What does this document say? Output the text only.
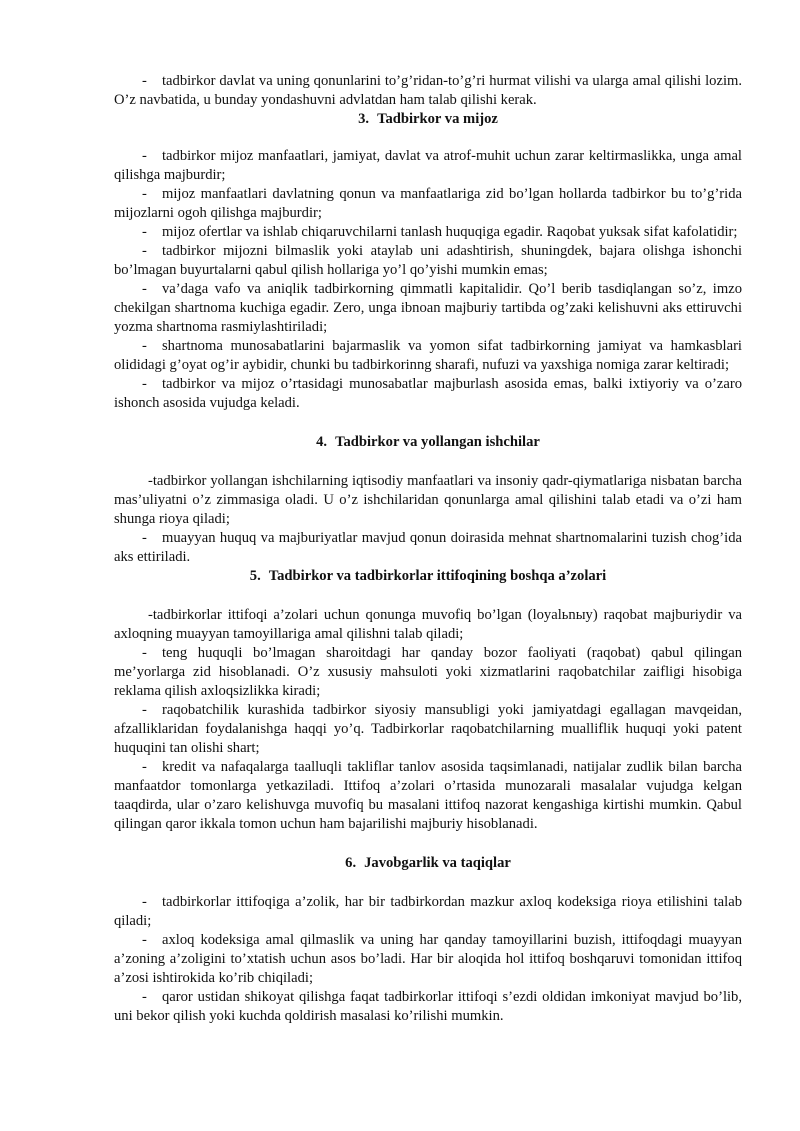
- tadbirkor davlat va uning qonunlarini to’g’ridan-to’g’ri hurmat vilishi va ularga amal qilishi lozim. O’z navbatida, u bunday yondashuvni advlatdan ham talab qilishi kerak.

3. Tadbirkor va mijoz

- tadbirkor mijoz manfaatlari, jamiyat, davlat va atrof-muhit uchun zarar keltirmaslikka, unga amal qilishga majburdir;

- mijoz manfaatlari davlatning qonun va manfaatlariga zid bo’lgan hollarda tadbirkor bu to’g’rida mijozlarni ogoh qilishga majburdir;

- mijoz ofertlar va ishlab chiqaruvchilarni tanlash huquqiga egadir. Raqobat yuksak sifat kafolatidir;

- tadbirkor mijozni bilmaslik yoki ataylab uni adashtirish, shuningdek, bajara olishga ishonchi bo’lmagan buyurtalarni qabul qilish hollariga yo’l qo’yishi mumkin emas;

- va’daga vafo va aniqlik tadbirkorning qimmatli kapitalidir. Qo’l berib tasdiqlangan so’z, imzo chekilgan shartnoma kuchiga egadir. Zero, unga ibnoan majburiy tartibda og’zaki kelishuvni aks ettiruvchi yozma shartnoma rasmiylashtiriladi;

- shartnoma munosabatlarini bajarmaslik va yomon sifat tadbirkorning jamiyat va hamkasblari olididagi g’oyat og’ir aybidir, chunki bu tadbirkorinng sharafi, nufuzi va yaxshiga nomiga zarar keltiradi;

- tadbirkor va mijoz o’rtasidagi munosabatlar majburlash asosida emas, balki ixtiyoriy va o’zaro ishonch asosida vujudga keladi.

4. Tadbirkor va yollangan ishchilar

-tadbirkor yollangan ishchilarning iqtisodiy manfaatlari va insoniy qadr-qiymatlariga nisbatan barcha mas’uliyatni o’z zimmasiga oladi. U o’z ishchilaridan qonunlarga amal qilishini talab etadi va o’zi ham shunga rioya qiladi;

- muayyan huquq va majburiyatlar mavjud qonun doirasida mehnat shartnomalarini tuzish chog’ida aks ettiriladi.

5. Tadbirkor va tadbirkorlar ittifoqining boshqa a’zolari

-tadbirkorlar ittifoqi a’zolari uchun qonunga muvofiq bo’lgan (loyalьnыy) raqobat majburiydir va axloqning muayyan tamoyillariga amal qilishni talab qiladi;

- teng huquqli bo’lmagan sharoitdagi har qanday bozor faoliyati (raqobat) qabul qilingan me’yorlarga zid hisoblanadi. O’z xususiy mahsuloti yoki xizmatlarini raqobatchilar zaifligi hisobiga reklama qilish axloqsizlikka kiradi;

- raqobatchilik kurashida tadbirkor siyosiy mansubligi yoki jamiyatdagi egallagan mavqeidan, afzalliklaridan foydalanishga haqqi yo’q. Tadbirkorlar raqobatchilarning mualliflik huquqi yoki patent huquqini tan olishi shart;

- kredit va nafaqalarga taalluqli takliflar tanlov asosida taqsimlanadi, natijalar zudlik bilan barcha manfaatdor tomonlarga yetkaziladi. Ittifoq a’zolari o’rtasida munozarali masalalar vujudga kelgan taaqdirda, ular o’zaro kelishuvga muvofiq bu masalani ittifoq nazorat kengashiga kirtishi mumkin. Qabul qilingan qaror ikkala tomon uchun ham bajarilishi majburiy hisoblanadi.

6. Javobgarlik va taqiqlar

- tadbirkorlar ittifoqiga a’zolik, har bir tadbirkordan mazkur axloq kodeksiga rioya etilishini talab qiladi;

- axloq kodeksiga amal qilmaslik va uning har qanday tamoyillarini buzish, ittifoqdagi muayyan a’zoning a’zoligini to’xtatish uchun asos bo’ladi. Har bir aloqida hol ittifoq boshqaruvi tomonidan ittifoq a’zosi ishtirokida ko’rib chiqiladi;

- qaror ustidan shikoyat qilishga faqat tadbirkorlar ittifoqi s’ezdi oldidan imkoniyat mavjud bo’lib, uni bekor qilish yoki kuchda qoldirish masalasi ko’rilishi mumkin.
